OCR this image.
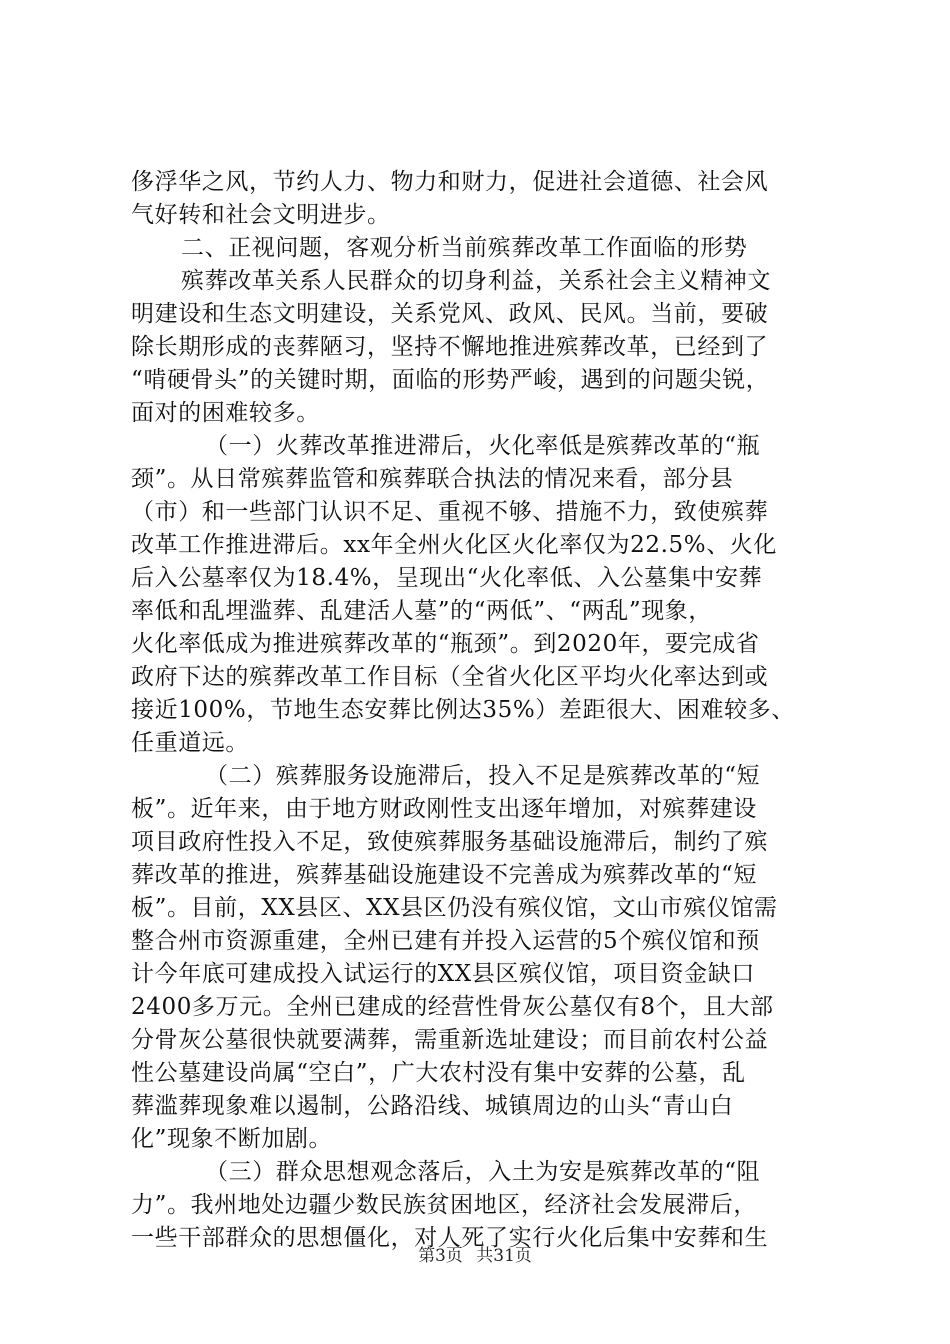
侈浮华之风，节约人力、物力和财力，促进社会道德、社会风
气好转和社会文明进步。
二、正视问题，客观分析当前殡葬改革工作面临的形势
殡葬改革关系人民群众的切身利益，关系社会主义精神文
明建设和生态文明建设，关系党风、政风、民风。当前，要破
除长期形成的丧葬陋习，坚持不懈地推进殡葬改革，已经到了
“啃硬骨头”的关键时期，面临的形势严峻，遇到的问题尖锐，
面对的困难较多。
（一）火葬改革推进滞后，火化率低是殡葬改革的“瓶
颈”。从日常殡葬监管和殡葬联合执法的情况来看，部分县
（市）和一些部门认识不足、重视不够、措施不力，致使殡葬
改革工作推进滞后。xx年全州火化区火化率仅为22.5%、火化
后入公墓率仅为18.4%，呈现出“火化率低、入公墓集中安葬
率低和乱埋滥葬、乱建活人墓”的“两低”、“两乱”现象，
火化率低成为推进殡葬改革的“瓶颈”。到2020年，要完成省
政府下达的殡葬改革工作目标（全省火化区平均火化率达到或
接近100%，节地生态安葬比例达35%）差距很大、困难较多、
任重道远。
（二）殡葬服务设施滞后，投入不足是殡葬改革的“短
板”。近年来，由于地方财政刚性支出逐年增加，对殡葬建设
项目政府性投入不足，致使殡葬服务基础设施滞后，制约了殡
葬改革的推进，殡葬基础设施建设不完善成为殡葬改革的“短
板”。目前，XX县区、XX县区仍没有殡仪馆，文山市殡仪馆需
整合州市资源重建，全州已建有并投入运营的5个殡仪馆和预
计今年底可建成投入试运行的XX县区殡仪馆，项目资金缺口
2400多万元。全州已建成的经营性骨灰公墓仅有8个，且大部
分骨灰公墓很快就要满葬，需重新选址建设；而目前农村公益
性公墓建设尚属“空白”，广大农村没有集中安葬的公墓，乱
葬滥葬现象难以遏制，公路沿线、城镇周边的山头“青山白
化”现象不断加剧。
（三）群众思想观念落后，入土为安是殡葬改革的“阻
力”。我州地处边疆少数民族贫困地区，经济社会发展滞后，
一些干部群众的思想僵化，对人死了实行火化后集中安葬和生
第3页 共31页
